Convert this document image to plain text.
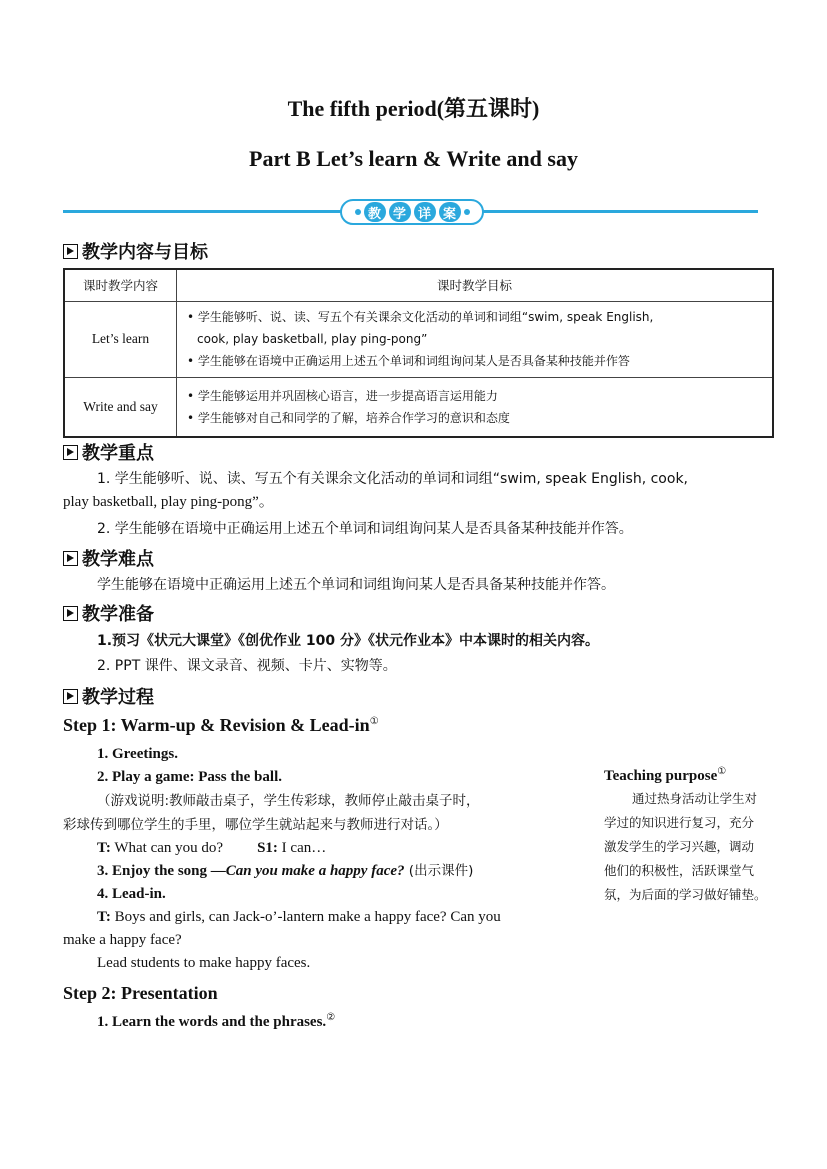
The fifth period(第五课时)
Part B Let’s learn & Write and say
教 学 详 案
教学内容与目标
课时教学内容	课时教学目标
Let’s learn	• 学生能够听、说、读、写五个有关课余文化活动的单词和词组“swim, speak English,
cook, play basketball, play ping-pong”
• 学生能够在语境中正确运用上述五个单词和词组询问某人是否具备某种技能并作答

Write and say	• 学生能够运用并巩固核心语言，进一步提高语言运用能力
• 学生能够对自己和同学的了解，培养合作学习的意识和态度
教学重点
1. 学生能够听、说、读、写五个有关课余文化活动的单词和词组“swim, speak English, cook,
play basketball, play ping-pong”。
2. 学生能够在语境中正确运用上述五个单词和词组询问某人是否具备某种技能并作答。
教学难点
学生能够在语境中正确运用上述五个单词和词组询问某人是否具备某种技能并作答。
教学准备
1.预习《状元大课堂》《创优作业 100 分》《状元作业本》中本课时的相关内容。
2. PPT 课件、课文录音、视频、卡片、实物等。
教学过程
Step 1: Warm-up & Revision & Lead-in①
1. Greetings.
2. Play a game: Pass the ball.
（游戏说明:教师敲击桌子，学生传彩球，教师停止敲击桌子时，
彩球传到哪位学生的手里，哪位学生就站起来与教师进行对话。）
T: What can you do? S1: I can…
3. Enjoy the song —Can you make a happy face? (出示课件)
4. Lead-in.
T: Boys and girls, can Jack-o’-lantern make a happy face? Can you
make a happy face?
Lead students to make happy faces.
Step 2: Presentation
1. Learn the words and the phrases.②
Teaching purpose①
通过热身活动让学生对
学过的知识进行复习，充分
激发学生的学习兴趣，调动
他们的积极性，活跃课堂气
氛，为后面的学习做好铺垫。
